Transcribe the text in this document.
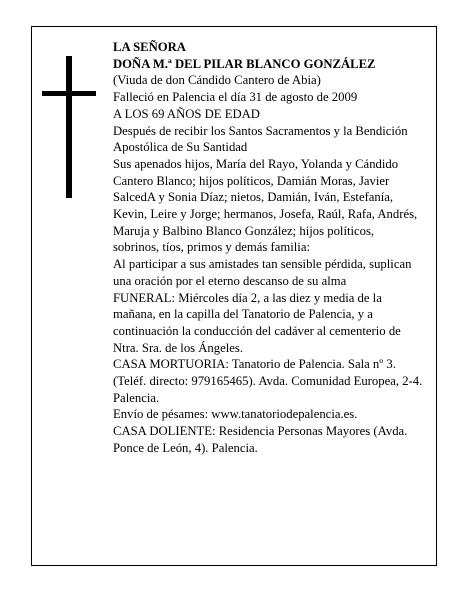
LA SEÑORA

DOÑA M.ª DEL PILAR BLANCO GONZÁLEZ

(Viuda de don Cándido Cantero de Abia)

Falleció en Palencia el día 31 de agosto de 2009

A LOS 69 AÑOS DE EDAD

Después de recibir los Santos Sacramentos y la Bendición Apostólica de Su Santidad

Sus apenados hijos, María del Rayo, Yolanda y Cándido Cantero Blanco; hijos políticos, Damián Moras, Javier SalcedA y Sonia Díaz; nietos, Damián, Iván, Estefanía, Kevin, Leire y Jorge; hermanos, Josefa, Raúl, Rafa, Andrés, Maruja y Balbino Blanco González; hijos políticos, sobrinos, tíos, primos y demás familia:

Al participar a sus amistades tan sensible pérdida, suplican una oración por el eterno descanso de su alma

FUNERAL: Miércoles día 2, a las diez y media de la mañana, en la capilla del Tanatorio de Palencia, y a continuación la conducción del cadáver al cementerio de Ntra. Sra. de los Ángeles.

CASA MORTUORIA: Tanatorio de Palencia. Sala nº 3. (Teléf. directo: 979165465). Avda. Comunidad Europea, 2-4. Palencia.

Envío de pésames: www.tanatoriodepalencia.es.

CASA DOLIENTE: Residencia Personas Mayores (Avda. Ponce de León, 4). Palencia.
